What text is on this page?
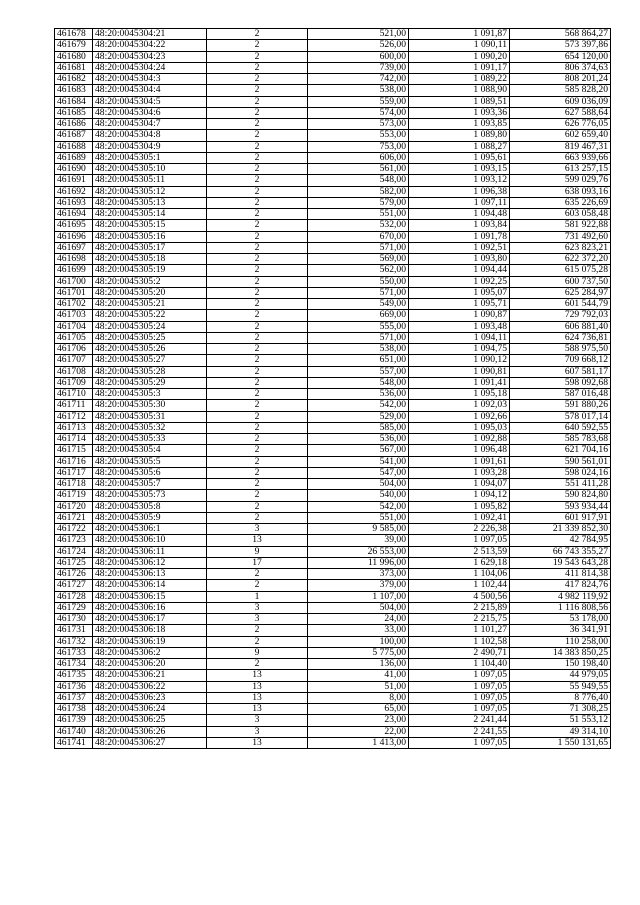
461678	48:20:0045304:21	2	521,00	1 091,87	568 864,27
461679	48:20:0045304:22	2	526,00	1 090,11	573 397,86
461680	48:20:0045304:23	2	600,00	1 090,20	654 120,00
461681	48:20:0045304:24	2	739,00	1 091,17	806 374,63
461682	48:20:0045304:3	2	742,00	1 089,22	808 201,24
461683	48:20:0045304:4	2	538,00	1 088,90	585 828,20
461684	48:20:0045304:5	2	559,00	1 089,51	609 036,09
461685	48:20:0045304:6	2	574,00	1 093,36	627 588,64
461686	48:20:0045304:7	2	573,00	1 093,85	626 776,05
461687	48:20:0045304:8	2	553,00	1 089,80	602 659,40
461688	48:20:0045304:9	2	753,00	1 088,27	819 467,31
461689	48:20:0045305:1	2	606,00	1 095,61	663 939,66
461690	48:20:0045305:10	2	561,00	1 093,15	613 257,15
461691	48:20:0045305:11	2	548,00	1 093,12	599 029,76
461692	48:20:0045305:12	2	582,00	1 096,38	638 093,16
461693	48:20:0045305:13	2	579,00	1 097,11	635 226,69
461694	48:20:0045305:14	2	551,00	1 094,48	603 058,48
461695	48:20:0045305:15	2	532,00	1 093,84	581 922,88
461696	48:20:0045305:16	2	670,00	1 091,78	731 492,60
461697	48:20:0045305:17	2	571,00	1 092,51	623 823,21
461698	48:20:0045305:18	2	569,00	1 093,80	622 372,20
461699	48:20:0045305:19	2	562,00	1 094,44	615 075,28
461700	48:20:0045305:2	2	550,00	1 092,25	600 737,50
461701	48:20:0045305:20	2	571,00	1 095,07	625 284,97
461702	48:20:0045305:21	2	549,00	1 095,71	601 544,79
461703	48:20:0045305:22	2	669,00	1 090,87	729 792,03
461704	48:20:0045305:24	2	555,00	1 093,48	606 881,40
461705	48:20:0045305:25	2	571,00	1 094,11	624 736,81
461706	48:20:0045305:26	2	538,00	1 094,75	588 975,50
461707	48:20:0045305:27	2	651,00	1 090,12	709 668,12
461708	48:20:0045305:28	2	557,00	1 090,81	607 581,17
461709	48:20:0045305:29	2	548,00	1 091,41	598 092,68
461710	48:20:0045305:3	2	536,00	1 095,18	587 016,48
461711	48:20:0045305:30	2	542,00	1 092,03	591 880,26
461712	48:20:0045305:31	2	529,00	1 092,66	578 017,14
461713	48:20:0045305:32	2	585,00	1 095,03	640 592,55
461714	48:20:0045305:33	2	536,00	1 092,88	585 783,68
461715	48:20:0045305:4	2	567,00	1 096,48	621 704,16
461716	48:20:0045305:5	2	541,00	1 091,61	590 561,01
461717	48:20:0045305:6	2	547,00	1 093,28	598 024,16
461718	48:20:0045305:7	2	504,00	1 094,07	551 411,28
461719	48:20:0045305:73	2	540,00	1 094,12	590 824,80
461720	48:20:0045305:8	2	542,00	1 095,82	593 934,44
461721	48:20:0045305:9	2	551,00	1 092,41	601 917,91
461722	48:20:0045306:1	3	9 585,00	2 226,38	21 339 852,30
461723	48:20:0045306:10	13	39,00	1 097,05	42 784,95
461724	48:20:0045306:11	9	26 553,00	2 513,59	66 743 355,27
461725	48:20:0045306:12	17	11 996,00	1 629,18	19 543 643,28
461726	48:20:0045306:13	2	373,00	1 104,06	411 814,38
461727	48:20:0045306:14	2	379,00	1 102,44	417 824,76
461728	48:20:0045306:15	1	1 107,00	4 500,56	4 982 119,92
461729	48:20:0045306:16	3	504,00	2 215,89	1 116 808,56
461730	48:20:0045306:17	3	24,00	2 215,75	53 178,00
461731	48:20:0045306:18	2	33,00	1 101,27	36 341,91
461732	48:20:0045306:19	2	100,00	1 102,58	110 258,00
461733	48:20:0045306:2	9	5 775,00	2 490,71	14 383 850,25
461734	48:20:0045306:20	2	136,00	1 104,40	150 198,40
461735	48:20:0045306:21	13	41,00	1 097,05	44 979,05
461736	48:20:0045306:22	13	51,00	1 097,05	55 949,55
461737	48:20:0045306:23	13	8,00	1 097,05	8 776,40
461738	48:20:0045306:24	13	65,00	1 097,05	71 308,25
461739	48:20:0045306:25	3	23,00	2 241,44	51 553,12
461740	48:20:0045306:26	3	22,00	2 241,55	49 314,10
461741	48:20:0045306:27	13	1 413,00	1 097,05	1 550 131,65
